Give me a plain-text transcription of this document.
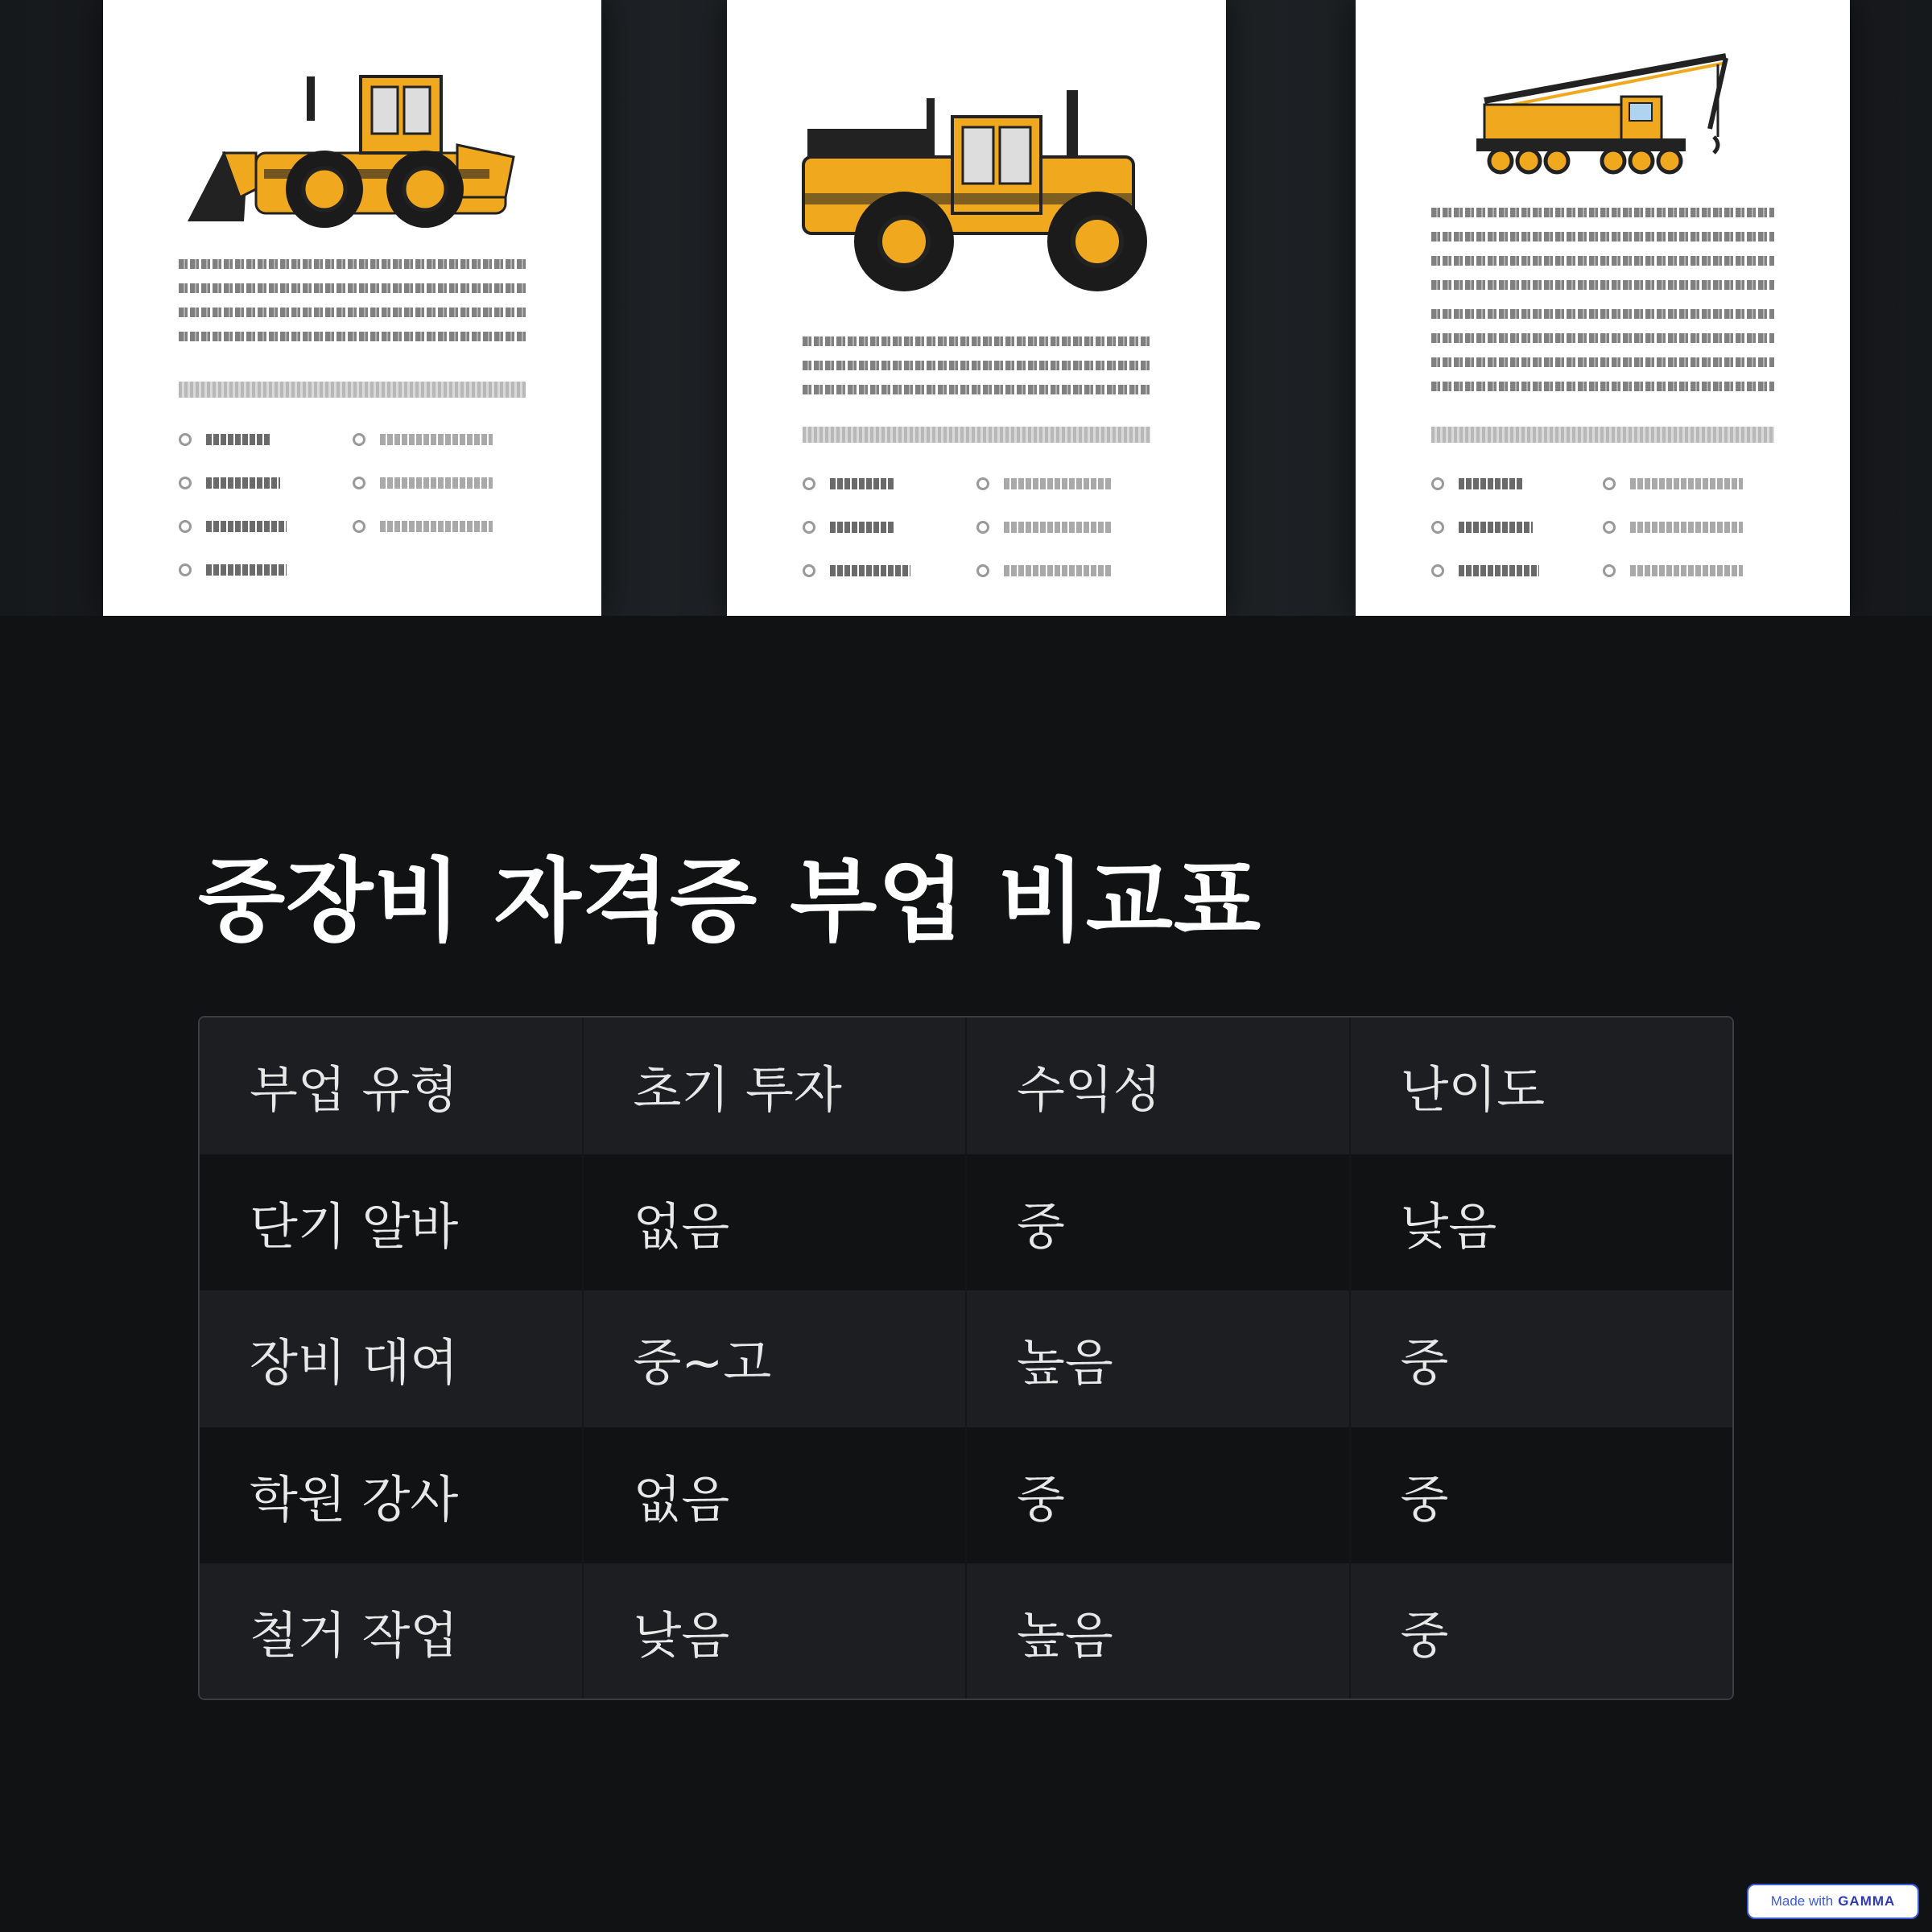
중장비 자격증 부업 비교표
부업 유형	초기 투자	수익성	난이도
단기 알바	없음	중	낮음
장비 대여	중~고	높음	중
학원 강사	없음	중	중
철거 작업	낮음	높음	중
Made with GAMMA
